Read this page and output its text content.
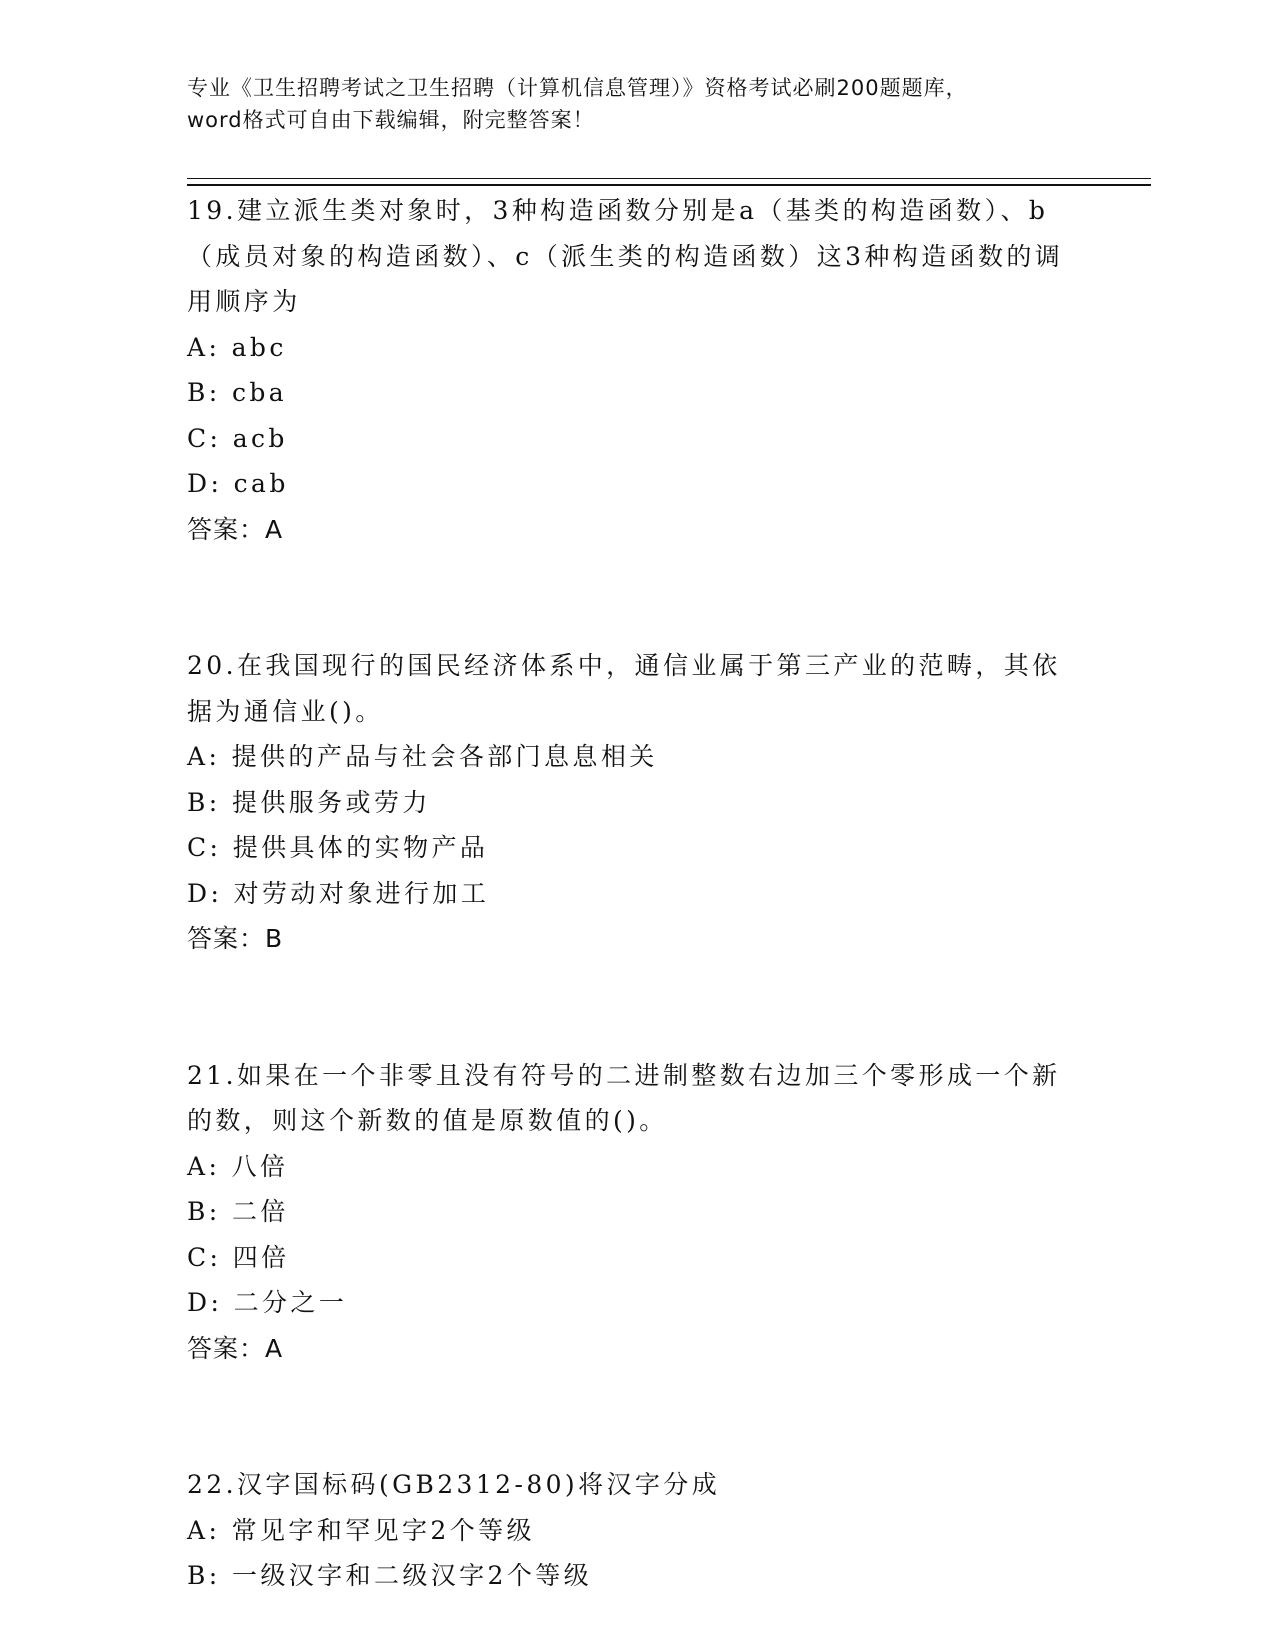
专业《卫生招聘考试之卫生招聘（计算机信息管理）》资格考试必刷200题题库，
word格式可自由下载编辑，附完整答案！

19.建立派生类对象时，3种构造函数分别是a（基类的构造函数）、b（成员对象的构造函数）、c（派生类的构造函数）这3种构造函数的调用顺序为

A: abc
B: cba
C: acb
D: cab
答案：A

20.在我国现行的国民经济体系中，通信业属于第三产业的范畴，其依据为通信业()。

A: 提供的产品与社会各部门息息相关
B: 提供服务或劳力
C: 提供具体的实物产品
D: 对劳动对象进行加工
答案：B

21.如果在一个非零且没有符号的二进制整数右边加三个零形成一个新的数，则这个新数的值是原数值的()。

A: 八倍
B: 二倍
C: 四倍
D: 二分之一
答案：A

22.汉字国标码(GB2312-80)将汉字分成

A: 常见字和罕见字2个等级
B: 一级汉字和二级汉字2个等级
